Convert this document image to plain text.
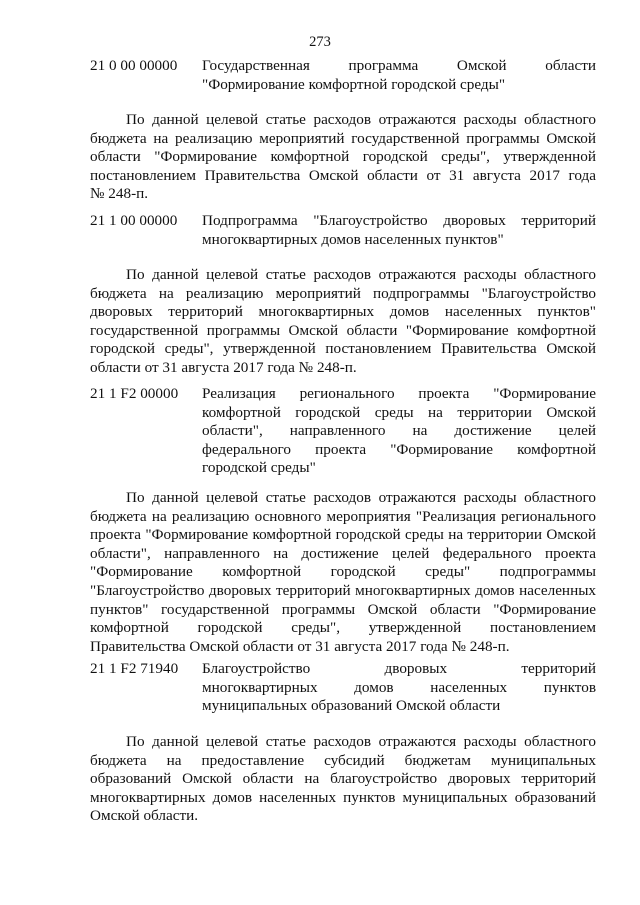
273
21 0 00 00000	Государственная программа Омской области
"Формирование комфортной городской среды"
По данной целевой статье расходов отражаются расходы областного
бюджета на реализацию мероприятий государственной программы Омской
области "Формирование комфортной городской среды", утвержденной
постановлением Правительства Омской области от 31 августа 2017 года
№ 248-п.
21 1 00 00000	Подпрограмма "Благоустройство дворовых территорий
многоквартирных домов населенных пунктов"
По данной целевой статье расходов отражаются расходы областного
бюджета на реализацию мероприятий подпрограммы "Благоустройство
дворовых территорий многоквартирных домов населенных пунктов"
государственной программы Омской области "Формирование комфортной
городской среды", утвержденной постановлением Правительства Омской
области от 31 августа 2017 года № 248-п.
21 1 F2 00000	Реализация регионального проекта "Формирование
комфортной городской среды на территории Омской
области", направленного на достижение целей
федерального проекта "Формирование комфортной
городской среды"
По данной целевой статье расходов отражаются расходы областного
бюджета на реализацию основного мероприятия "Реализация регионального
проекта "Формирование комфортной городской среды на территории Омской
области", направленного на достижение целей федерального проекта
"Формирование комфортной городской среды" подпрограммы
"Благоустройство дворовых территорий многоквартирных домов населенных
пунктов" государственной программы Омской области "Формирование
комфортной городской среды", утвержденной постановлением
Правительства Омской области от 31 августа 2017 года № 248-п.
21 1 F2 71940	Благоустройство дворовых территорий
многоквартирных домов населенных пунктов
муниципальных образований Омской области
По данной целевой статье расходов отражаются расходы областного
бюджета на предоставление субсидий бюджетам муниципальных
образований Омской области на благоустройство дворовых территорий
многоквартирных домов населенных пунктов муниципальных образований
Омской области.
